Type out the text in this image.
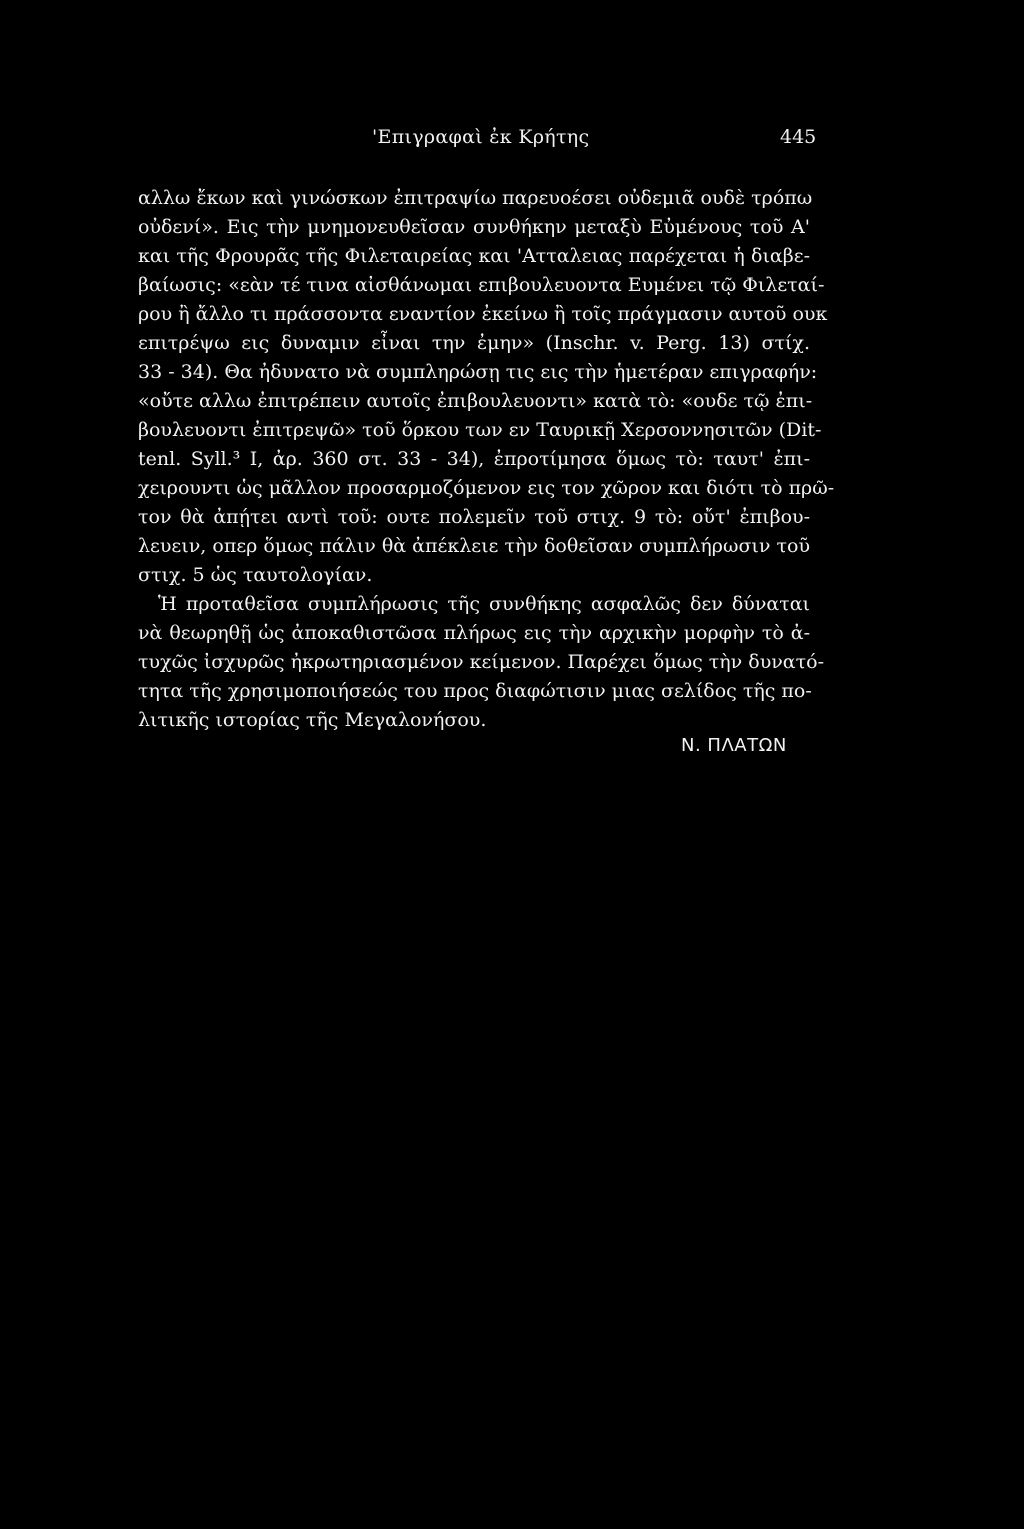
'Επιγραφαὶ ἐκ Κρήτης	445
αλλω ἔκων καὶ γινώσκων ἐπιτραψίω παρευοέσει οὐδεμιᾶ ουδὲ τρόπω
οὐδενί». Εις τὴν μνημονευθεῖσαν συνθήκην μεταξὺ Εὐμένους τοῦ Α'
και τῆς Φρουρᾶς τῆς Φιλεταιρείας και 'Ατταλειας παρέχεται ἡ διαβε-
βαίωσις: «εὰν τέ τινα αἰσθάνωμαι επιβουλευοντα Ευμένει τῷ Φιλεταί-
ρου ἢ ἄλλο τι πράσσοντα εναντίον ἐκείνω ἢ τοῖς πράγμασιν αυτοῦ ουκ
επιτρέψω εις δυναμιν εἶναι την ἐμην» (Inschr. v. Perg. 13) στίχ.
33 - 34). Θα ἠδυνατο νὰ συμπληρώσῃ τις εις τὴν ἡμετέραν επιγραφήν:
«οὔτε αλλω ἐπιτρέπειν αυτοῖς ἐπιβουλευοντι» κατὰ τὸ: «ουδε τῷ ἐπι-
βουλευοντι ἐπιτρεψῶ» τοῦ ὅρκου των εν Ταυρικῇ Χερσοννησιτῶν (Dit-
tenl. Syll.³ I, ἀρ. 360 στ. 33 - 34), ἐπροτίμησα ὅμως τὸ: ταυτ' ἐπι-
χειρουντι ὡς μᾶλλον προσαρμοζόμενον εις τον χῶρον και διότι τὸ πρῶ-
τον θὰ ἀπῄτει αντὶ τοῦ: ουτε πολεμεῖν τοῦ στιχ. 9 τὸ: οὔτ' ἐπιβου-
λευειν, οπερ ὅμως πάλιν θὰ ἀπέκλειε τὴν δοθεῖσαν συμπλήρωσιν τοῦ
στιχ. 5 ὡς ταυτολογίαν.
Ἡ προταθεῖσα συμπλήρωσις τῆς συνθήκης ασφαλῶς δεν δύναται
νὰ θεωρηθῇ ὡς ἀποκαθιστῶσα πλήρως εις τὴν αρχικὴν μορφὴν τὸ ἀ-
τυχῶς ἰσχυρῶς ἠκρωτηριασμένον κείμενον. Παρέχει ὅμως τὴν δυνατό-
τητα τῆς χρησιμοποιήσεώς του προς διαφώτισιν μιας σελίδος τῆς πο-
λιτικῆς ιστορίας τῆς Μεγαλονήσου.
Ν. ΠΛΑΤΩΝ
